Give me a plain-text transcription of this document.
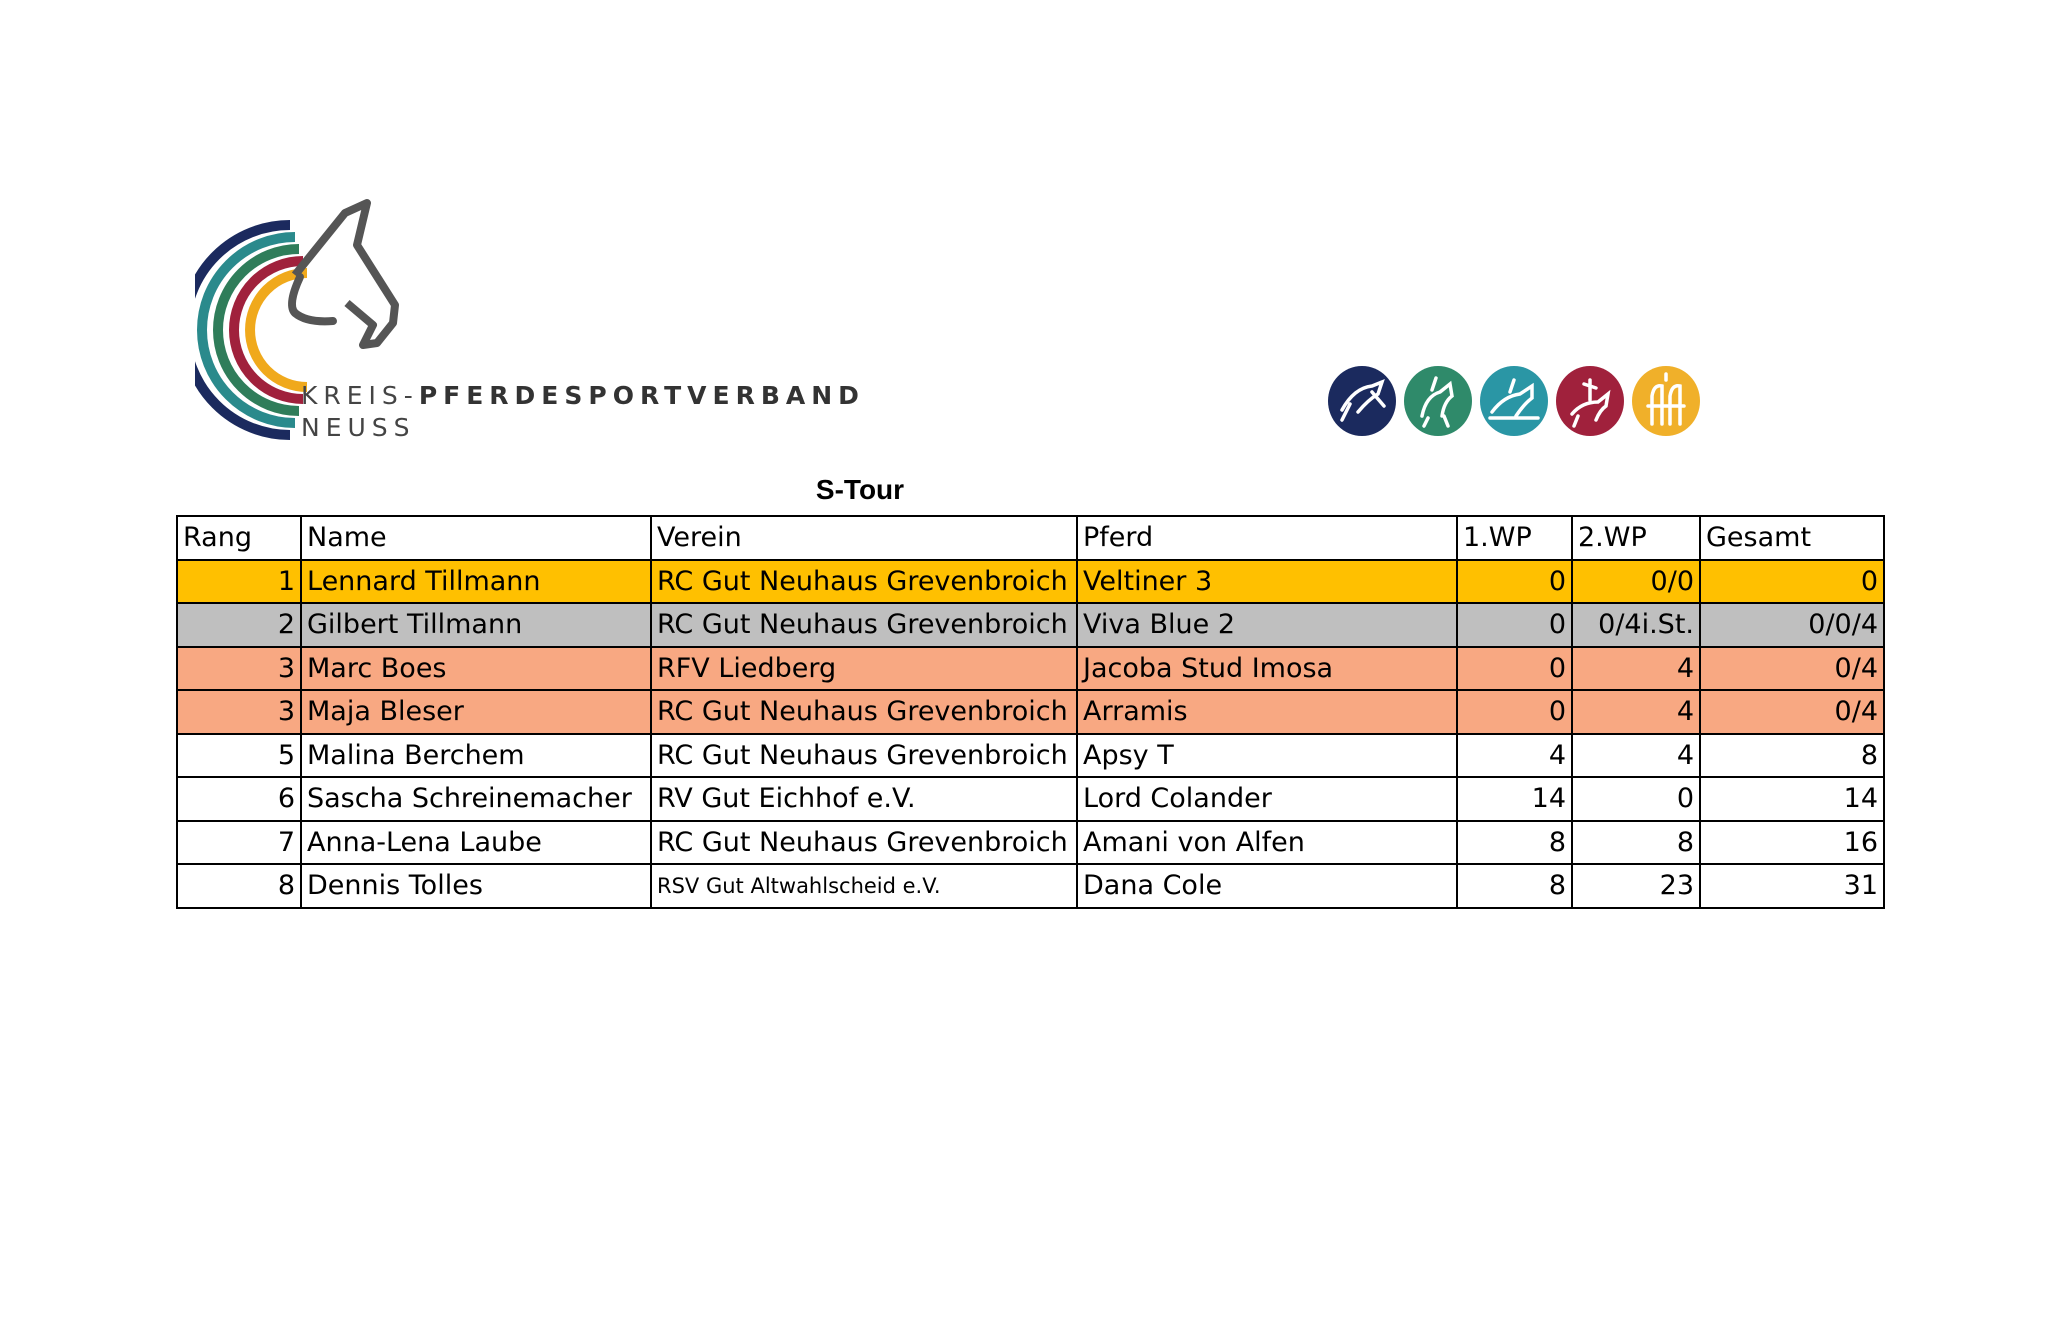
KREIS-PFERDESPORTVERBAND
NEUSS
S-Tour
Rang	Name	Verein	Pferd	1.WP	2.WP	Gesamt
1	Lennard Tillmann	RC Gut Neuhaus Grevenbroich	Veltiner 3	0	0/0	0
2	Gilbert Tillmann	RC Gut Neuhaus Grevenbroich	Viva Blue 2	0	0/4i.St.	0/0/4
3	Marc Boes	RFV Liedberg	Jacoba Stud Imosa	0	4	0/4
3	Maja Bleser	RC Gut Neuhaus Grevenbroich	Arramis	0	4	0/4
5	Malina Berchem	RC Gut Neuhaus Grevenbroich	Apsy T	4	4	8
6	Sascha Schreinemacher	RV Gut Eichhof e.V.	Lord Colander	14	0	14
7	Anna-Lena Laube	RC Gut Neuhaus Grevenbroich	Amani von Alfen	8	8	16
8	Dennis Tolles	RSV Gut Altwahlscheid e.V.	Dana Cole	8	23	31
